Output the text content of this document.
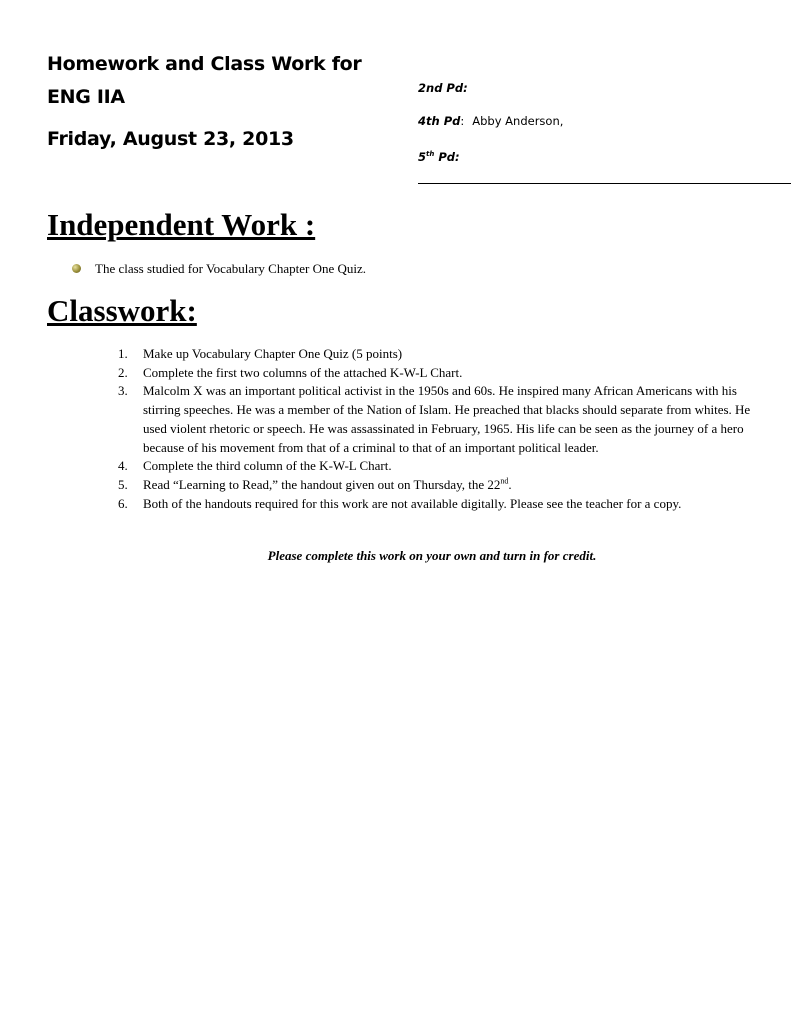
Homework and Class Work for
ENG IIA
Friday, August 23, 2013
2nd Pd:
4th Pd: Abby Anderson,
5th Pd:
Independent Work :
The class studied for Vocabulary Chapter One Quiz.
Classwork:
1. Make up Vocabulary Chapter One Quiz (5 points)
2. Complete the first two columns of the attached K-W-L Chart.
3. Malcolm X was an important political activist in the 1950s and 60s. He inspired many African Americans with his stirring speeches. He was a member of the Nation of Islam. He preached that blacks should separate from whites. He used violent rhetoric or speech. He was assassinated in February, 1965. His life can be seen as the journey of a hero because of his movement from that of a criminal to that of an important political leader.
4. Complete the third column of the K-W-L Chart.
5. Read “Learning to Read,” the handout given out on Thursday, the 22nd.
6. Both of the handouts required for this work are not available digitally. Please see the teacher for a copy.
Please complete this work on your own and turn in for credit.
